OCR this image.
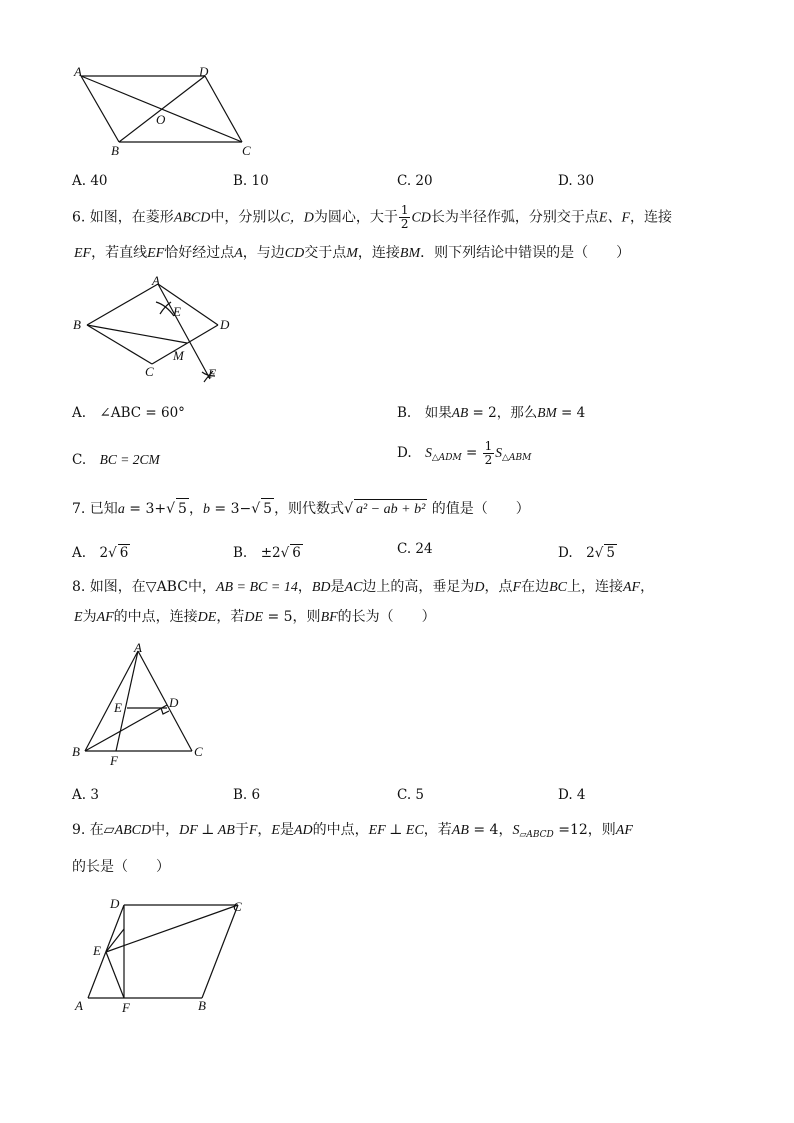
A	D
O
B	C
A. 40	B. 10	C. 20	D. 30
6. 如图，在菱形ABCD中，分别以C，D为圆心，大于 $\frac{1}{2}$ CD长为半径作弧，分别交于点E、F，连接
EF，若直线EF恰好经过点A，与边CD交于点M，连接BM．则下列结论中错误的是（　　）
A
E
B	D
M
C	F
A.　∠ABC = 60°	B.　如果AB = 2，那么BM = 4
C.　BC = 2CM	D.　$S_{\triangle ADM} = \frac{1}{2} S_{\triangle ABM}$
7. 已知a = 3+√ 5 ，b = 3−√ 5 ，则代数式√ a² − ab + b² 的值是（　　）
A.　2√ 6	B.　±2√ 6	C. 24	D.　2√ 5
8. 如图，在▽ABC中，AB = BC = 14，BD是AC边上的高，垂足为D，点F在边BC上，连接AF，
E为AF的中点，连接DE，若DE = 5，则BF的长为（　　）
A
E	D
B
F
C
A. 3	B. 6	C. 5	D. 4
9. 在▱ABCD中，DF ⊥ AB于F，E是AD的中点，EF ⊥ EC，若AB = 4，$S_{▱ABCD} =12$，则AF
的长是（　　）
D	C
E
A	F	B
